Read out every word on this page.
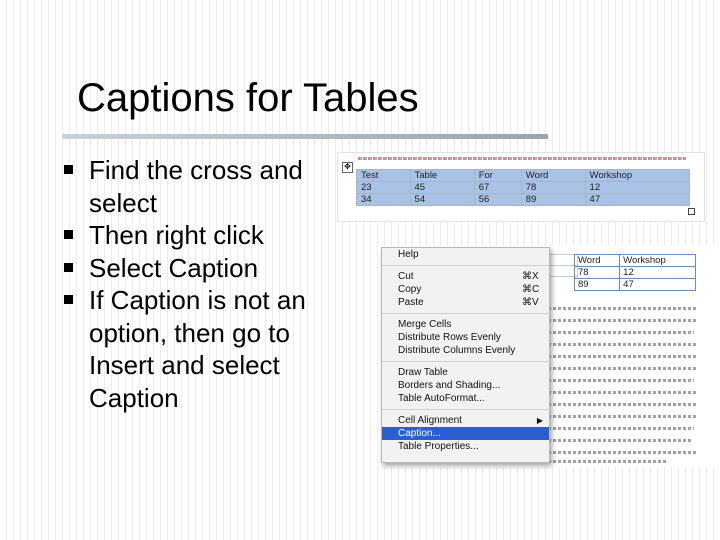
Captions for Tables
Find the cross and select
Then right click
Select Caption
If Caption is not an option, then go to Insert and select Caption
✥
Test	Table	For	Word	Workshop
23	45	67	78	12
34	54	56	89	47
Word	Workshop
78	12
89	47
Help
Cut	⌘X
Copy	⌘C
Paste	⌘V
Merge Cells
Distribute Rows Evenly
Distribute Columns Evenly
Draw Table
Borders and Shading...
Table AutoFormat...
Cell Alignment	▶
Caption...
Table Properties...
